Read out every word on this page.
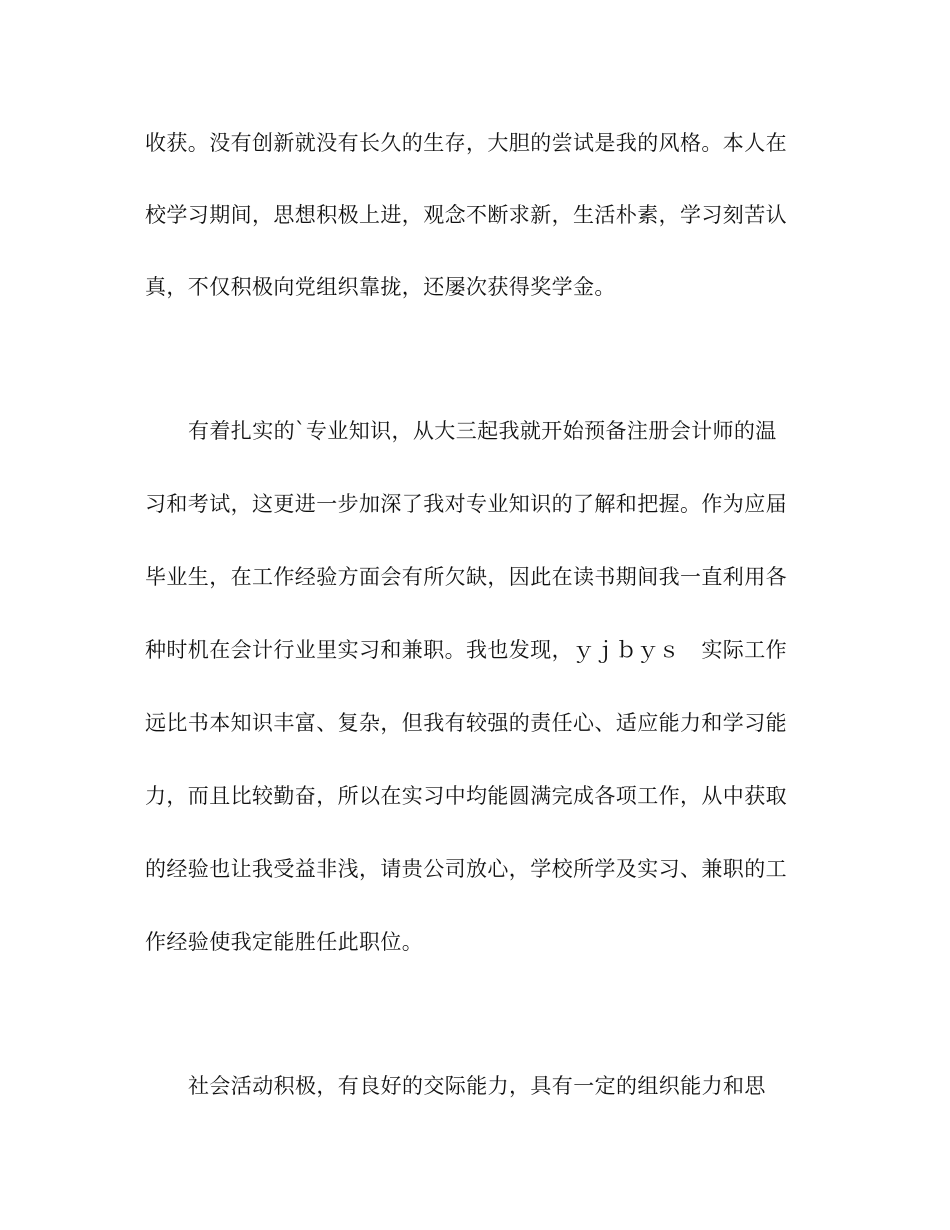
收获。没有创新就没有长久的生存，大胆的尝试是我的风格。本人在
校学习期间，思想积极上进，观念不断求新，生活朴素，学习刻苦认
真，不仅积极向党组织靠拢，还屡次获得奖学金。
有着扎实的`专业知识，从大三起我就开始预备注册会计师的温
习和考试，这更进一步加深了我对专业知识的了解和把握。作为应届
毕业生，在工作经验方面会有所欠缺，因此在读书期间我一直利用各
种时机在会计行业里实习和兼职。我也发现，ｙｊｂｙｓ　实际工作
远比书本知识丰富、复杂，但我有较强的责任心、适应能力和学习能
力，而且比较勤奋，所以在实习中均能圆满完成各项工作，从中获取
的经验也让我受益非浅，请贵公司放心，学校所学及实习、兼职的工
作经验使我定能胜任此职位。
社会活动积极，有良好的交际能力，具有一定的组织能力和思
